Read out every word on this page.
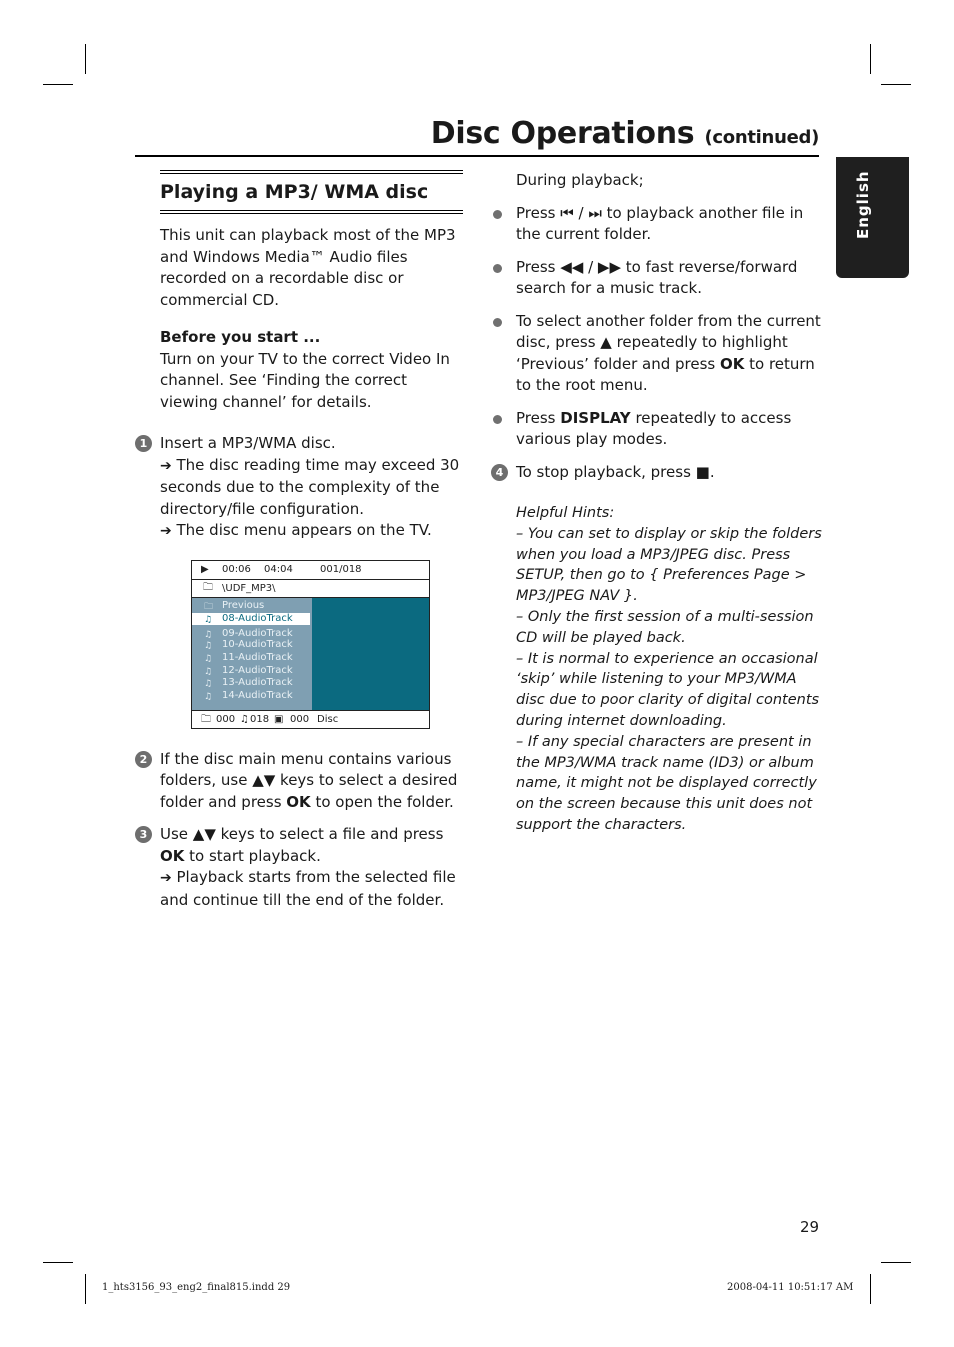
Disc Operations (continued)
English
Playing a MP3/ WMA disc

This unit can playback most of the MP3 and Windows Media™ Audio files recorded on a recordable disc or commercial CD.

Before you start ...

Turn on your TV to the correct Video In channel. See ‘Finding the correct viewing channel’ for details.

1 Insert a MP3/WMA disc.

➔ The disc reading time may exceed 30 seconds due to the complexity of the directory/file configuration.

➔ The disc menu appears on the TV.

▶ 00:06 04:04	001/018
🗀 \UDF_MP3\
🗀 Previous
♫ 08-AudioTrack
♫ 09-AudioTrack
♫ 10-AudioTrack
♫ 11-AudioTrack
♫ 12-AudioTrack
♫ 13-AudioTrack
♫ 14-AudioTrack
🗀 000 ♫ 018 ▣ 000 Disc
2 If the disc main menu contains various folders, use ▲▼ keys to select a desired folder and press OK to open the folder.

3 Use ▲▼ keys to select a file and press OK to start playback.

➔ Playback starts from the selected file and continue till the end of the folder.

During playback;

Press ⏮ / ⏭ to playback another file in the current folder.

Press ◀◀ / ▶▶ to fast reverse/forward search for a music track.

To select another folder from the current disc, press ▲ repeatedly to highlight ‘Previous’ folder and press OK to return to the root menu.

Press DISPLAY repeatedly to access various play modes.

4 To stop playback, press ■.

Helpful Hints:

– You can set to display or skip the folders when you load a MP3/JPEG disc. Press SETUP, then go to { Preferences Page > MP3/JPEG NAV }.

– Only the first session of a multi-session CD will be played back.

– It is normal to experience an occasional ‘skip’ while listening to your MP3/WMA disc due to poor clarity of digital contents during internet downloading.

– If any special characters are present in the MP3/WMA track name (ID3) or album name, it might not be displayed correctly on the screen because this unit does not support the characters.

29
1_hts3156_93_eng2_final815.indd 29	2008-04-11 10:51:17 AM
